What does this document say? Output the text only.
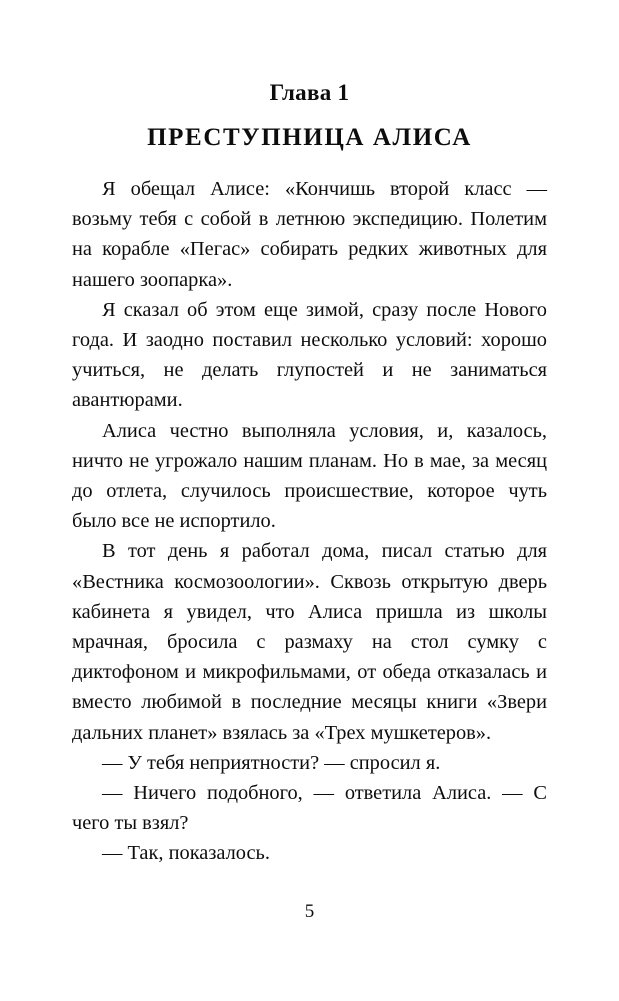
Глава 1
ПРЕСТУПНИЦА АЛИСА

Я обещал Алисе: «Кончишь второй класс — возьму тебя с собой в летнюю экспедицию. Полетим на корабле «Пегас» собирать редких животных для нашего зоопарка».

Я сказал об этом еще зимой, сразу после Нового года. И заодно поставил несколько условий: хорошо учиться, не делать глупостей и не заниматься авантюрами.

Алиса честно выполняла условия, и, казалось, ничто не угрожало нашим планам. Но в мае, за месяц до отлета, случилось происшествие, которое чуть было все не испортило.

В тот день я работал дома, писал статью для «Вестника космозоологии». Сквозь открытую дверь кабинета я увидел, что Алиса пришла из школы мрачная, бросила с размаху на стол сумку с диктофоном и микрофильмами, от обеда отказалась и вместо любимой в последние месяцы книги «Звери дальних планет» взялась за «Трех мушкетеров».

— У тебя неприятности? — спросил я.

— Ничего подобного, — ответила Алиса. — С чего ты взял?

— Так, показалось.

5
